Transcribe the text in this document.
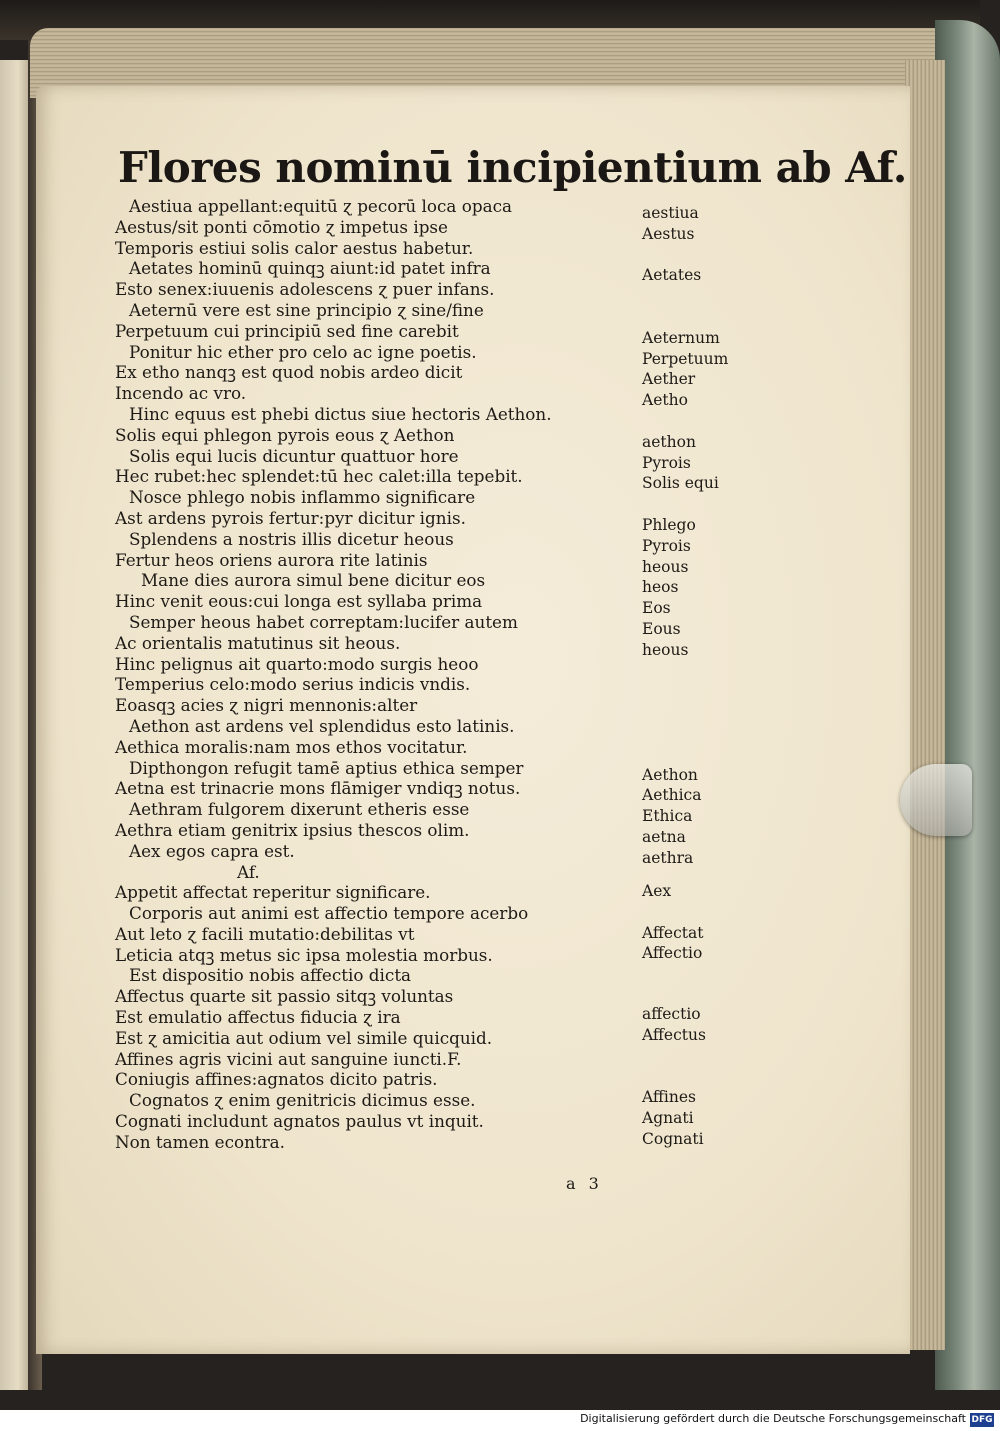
Flores nominū incipientium ab Af.
Aestiua appellant:equitū ɀ pecorū loca opaca
Aestus/sit ponti cōmotio ɀ impetus ipse
Temporis estiui solis calor aestus habetur.
Aetates hominū quinqꝫ aiunt:id patet infra
Esto senex:iuuenis adolescens ɀ puer infans.
Aeternū vere est sine principio ɀ sine/fine
Perpetuum cui principiū sed fine carebit
Ponitur hic ether pro celo ac igne poetis.
Ex etho nanqꝫ est quod nobis ardeo dicit
Incendo ac vro.
Hinc equus est phebi dictus siue hectoris Aethon.
Solis equi phlegon pyrois eous ɀ Aethon
Solis equi lucis dicuntur quattuor hore
Hec rubet:hec splendet:tū hec calet:illa tepebit.
Nosce phlego nobis inflammo significare
Ast ardens pyrois fertur:pyr dicitur ignis.
Splendens a nostris illis dicetur heous
Fertur heos oriens aurora rite latinis
Mane dies aurora simul bene dicitur eos
Hinc venit eous:cui longa est syllaba prima
Semper heous habet correptam:lucifer autem
Ac orientalis matutinus sit heous.
Hinc pelignus ait quarto:modo surgis heoo
Temperius celo:modo serius indicis vndis.
Eoasqꝫ acies ɀ nigri mennonis:alter
Aethon ast ardens vel splendidus esto latinis.
Aethica moralis:nam mos ethos vocitatur.
Dipthongon refugit tamē aptius ethica semper
Aetna est trinacrie mons flāmiger vndiqꝫ notus.
Aethram fulgorem dixerunt etheris esse
Aethra etiam genitrix ipsius thescos olim.
Aex egos capra est.
Af.
Appetit affectat reperitur significare.
Corporis aut animi est affectio tempore acerbo
Aut leto ɀ facili mutatio:debilitas vt
Leticia atqꝫ metus sic ipsa molestia morbus.
Est dispositio nobis affectio dicta
Affectus quarte sit passio sitqꝫ voluntas
Est emulatio affectus fiducia ɀ ira
Est ɀ amicitia aut odium vel simile quicquid.
Affines agris vicini aut sanguine iuncti.F.
Coniugis affines:agnatos dicito patris.
Cognatos ɀ enim genitricis dicimus esse.
Cognati includunt agnatos paulus vt inquit.
Non tamen econtra.
aestiua
Aestus
Aetates
Aeternum
Perpetuum
Aether
Aetho
aethon
Pyrois
Solis equi
Phlego
Pyrois
heous
heos
Eos
Eous
heous
Aethon
Aethica
Ethica
aetna
aethra
Aex
Affectat
Affectio
affectio
Affectus
Affines
Agnati
Cognati
a 3
Digitalisierung gefördert durch die Deutsche Forschungsgemeinschaft DFG
